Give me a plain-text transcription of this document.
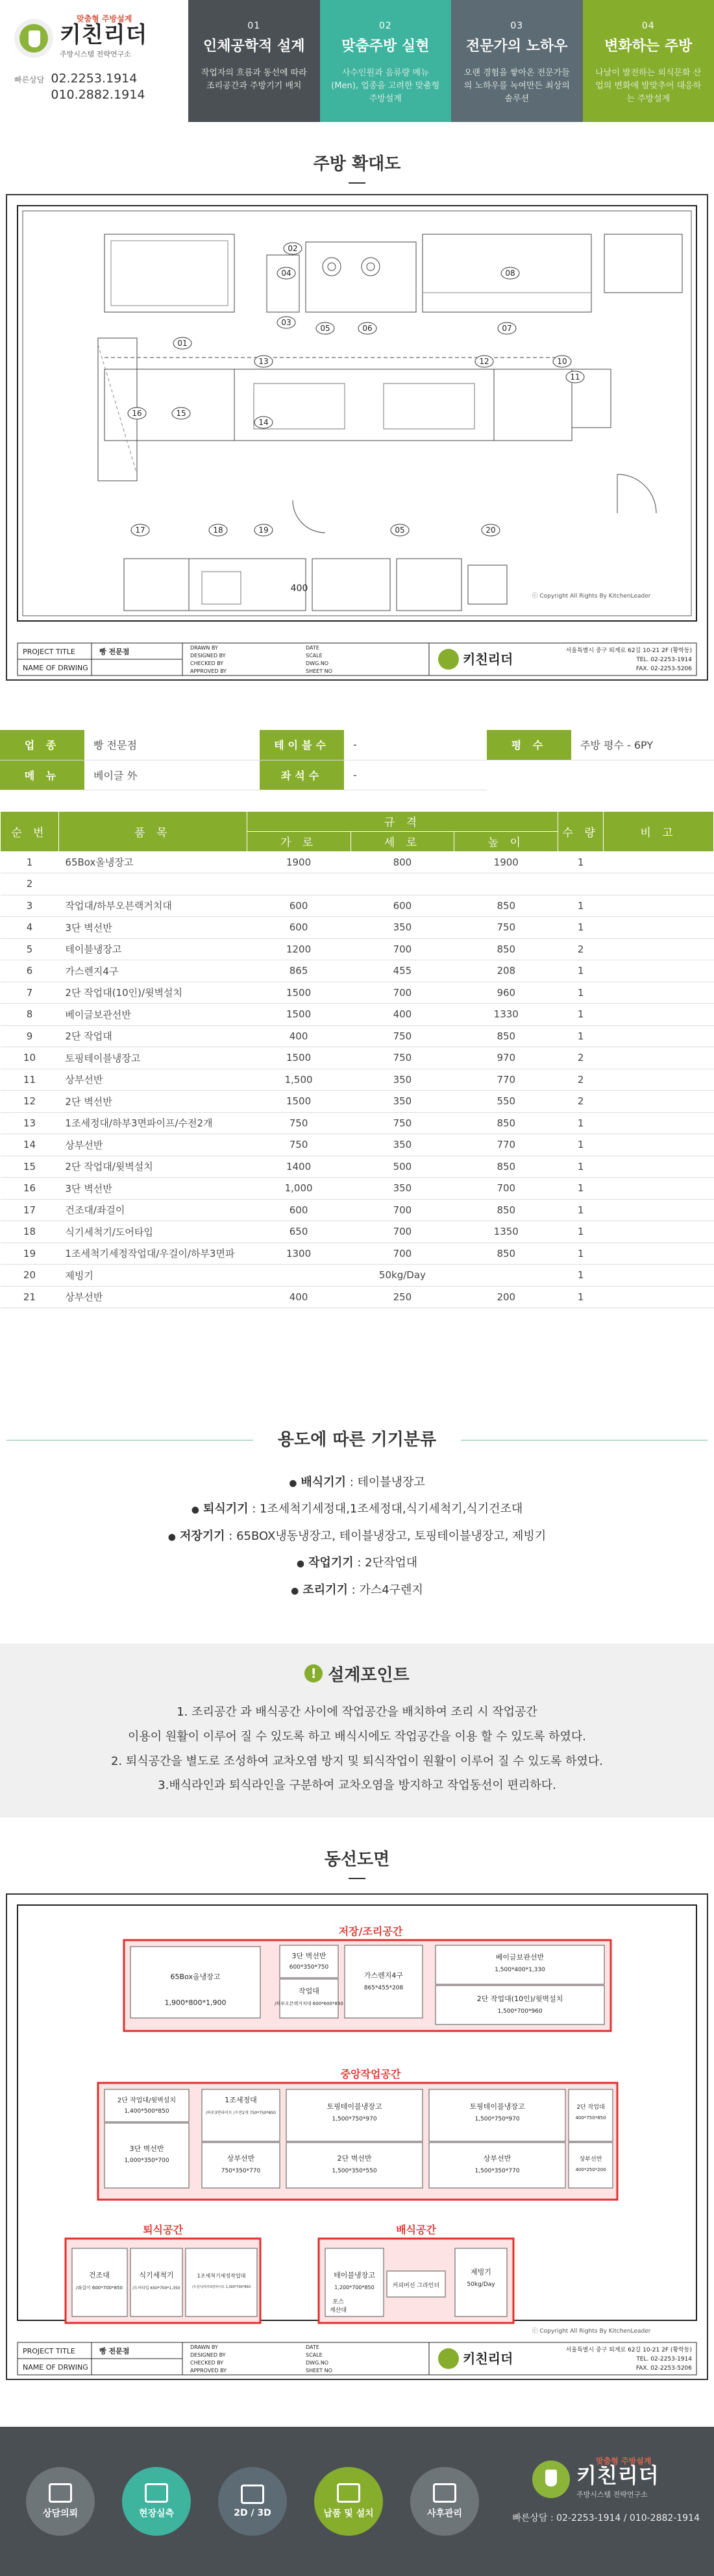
맞춤형 주방설계
키친리더
주방시스템 전략연구소
빠른상담 02.2253.1914
010.2882.1914
01
인체공학적 설계
작업자의 흐름과 동선에 따라 조리공간과 주방기기 배치
02
맞춤주방 실현
사수인원과 음류량 메뉴(Men), 업종을 고려한 맞춤형 주방설계
03
전문가의 노하우
오랜 경험을 쌓아온 전문가들의 노하우를 녹여만든 최상의 솔루션
04
변화하는 주방
나날이 발전하는 외식문화 산업의 변화에 발맞추어 대응하는 주방설계
주방 확대도
01
02
03
04
05	06	07
08
10
11
12
13
14
15
16
17	18	19	20
05
400
ⓒ Copyright All Rights By KitchenLeader
PROJECT TITLE	빵 전문점
NAME OF DRWING
DRAWN BY
DESIGNED BY
CHECKED BY
APPROVED BY
DATE
SCALE
DWG.NO
SHEET NO
키친리더
서울특별시 중구 퇴계로 62길 10-21 2F (황학동)
TEL. 02-2253-1914
FAX. 02-2253-5206
업 종	빵 전문점	테이블수	-	평 수	주방 평수 - 6PY
메 뉴	베이글 外	좌석수	-		
순 번	품 목	규 격			수 량	비 고
		가 로	세 로	높 이		
1	65Box올냉장고	1900	800	1900	1	
2						
3	작업대/하부오븐랙거치대	600	600	850	1	
4	3단 벽선반	600	350	750	1	
5	테이블냉장고	1200	700	850	2	
6	가스렌지4구	865	455	208	1	
7	2단 작업대(10인)/윗벽설치	1500	700	960	1	
8	베이글보관선반	1500	400	1330	1	
9	2단 작업대	400	750	850	1	
10	토핑테이블냉장고	1500	750	970	2	
11	상부선반	1,500	350	770	2	
12	2단 벽선반	1500	350	550	2	
13	1조세정대/하부3면파이프/수전2개	750	750	850	1	
14	상부선반	750	350	770	1	
15	2단 작업대/윗벽설치	1400	500	850	1	
16	3단 벽선반	1,000	350	700	1	
17	건조대/좌걸이	600	700	850	1	
18	식기세척기/도어타입	650	700	1350	1	
19	1조세척기세정작업대/우걸이/하부3면파	1300	700	850	1	
20	제빙기	50kg/Day			1	
21	상부선반	400	250	200	1	
용도에 따른 기기분류
● 배식기기 : 테이블냉장고
● 퇴식기기 : 1조세척기세정대,1조세정대,식기세척기,식기건조대
● 저장기기 : 65BOX냉동냉장고, 테이블냉장고, 토핑테이블냉장고, 제빙기
● 작업기기 : 2단작업대
● 조리기기 : 가스4구렌지
! 설계포인트
1. 조리공간 과 배식공간 사이에 작업공간을 배치하여 조리 시 작업공간
이용이 원활이 이루어 질 수 있도록 하고 배식시에도 작업공간을 이용 할 수 있도록 하였다.
2. 퇴식공간을 별도로 조성하여 교차오염 방지 및 퇴식작업이 원활이 이루어 질 수 있도록 하였다.
3.배식라인과 퇴식라인을 구분하여 교차오염을 방지하고 작업동선이 편리하다.
동선도면
저장/조리공간
중앙작업공간
퇴식공간	배식공간
65Box올냉장고
1,900*800*1,900
3단 벽선반
600*350*750
작업대
/하부오븐랙거치대 600*600*850
가스렌지4구
865*455*208
베이글보관선반
1,500*400*1,330
2단 작업대(10인)/윗벽설치
1,500*700*960
2단 작업대/윗벽설치
1,400*500*850
3단 벽선반
1,000*350*700
1조세정대
/하부3면파이프 /수전2개 750*750*850
상부선반
750*350*770
토핑테이블냉장고
1,500*750*970
2단 벽선반
1,500*350*550
토핑테이블냉장고
1,500*750*970
상부선반
1,500*350*770
2단 작업대
400*750*850
상부선반
400*250*200
건조대
/좌걸이 600*700*850
식기세척기
/도어타입 650*700*1,350
1조세척기세정작업대
/우걸이/하부3면파이프 1,300*700*850
테이블냉장고
1,200*700*850
포스
계산대
커피머신 그라인더
제빙기
50kg/Day
PROJECT TITLE	빵 전문점
NAME OF DRWING
DRAWN BY
DESIGNED BY
CHECKED BY
APPROVED BY
DATE
SCALE
DWG.NO
SHEET NO
키친리더
서울특별시 중구 퇴계로 62길 10-21 2F (황학동)
TEL. 02-2253-1914
FAX. 02-2253-5206
ⓒ Copyright All Rights By KitchenLeader
상담의뢰	현장실측	2D / 3D	납품 및 설치	사후관리
맞춤형 주방설계
키친리더
주방시스템 전략연구소
빠른상담 : 02-2253-1914 / 010-2882-1914
